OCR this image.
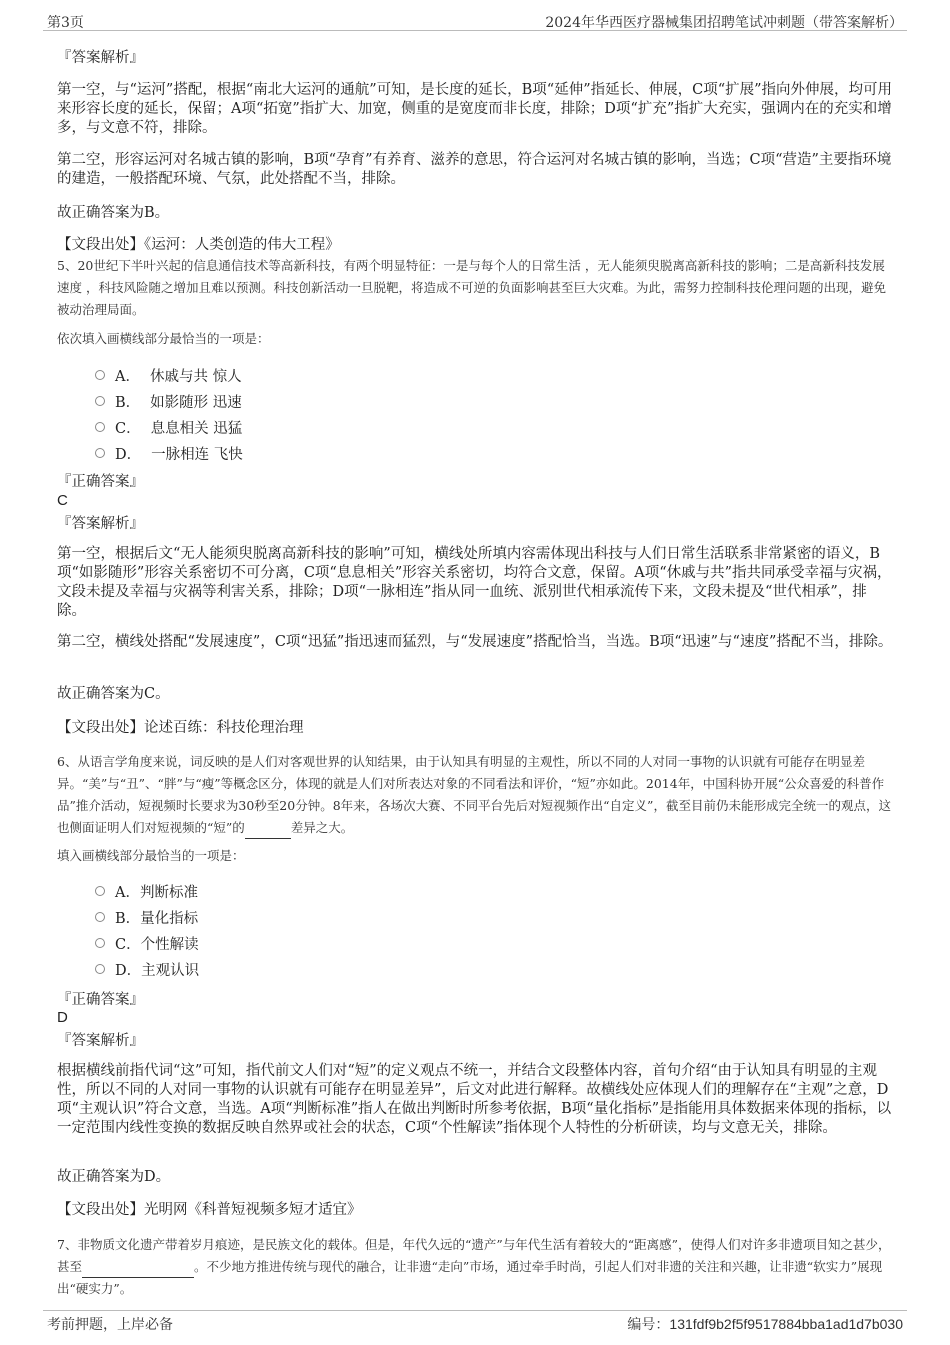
第3页	2024年华西医疗器械集团招聘笔试冲刺题（带答案解析）
『答案解析』

第一空，与“运河”搭配，根据“南北大运河的通航”可知，是长度的延长，B项“延伸”指延长、伸展，C项“扩展”指向外伸展，均可用来形容长度的延长，保留；A项“拓宽”指扩大、加宽，侧重的是宽度而非长度，排除；D项“扩充”指扩大充实，强调内在的充实和增多，与文意不符，排除。

第二空，形容运河对名城古镇的影响，B项“孕育”有养育、滋养的意思，符合运河对名城古镇的影响，当选；C项“营造”主要指环境的建造，一般搭配环境、气氛，此处搭配不当，排除。

故正确答案为B。

【文段出处】《运河：人类创造的伟大工程》

5、20世纪下半叶兴起的信息通信技术等高新科技，有两个明显特征：一是与每个人的日常生活 ，无人能须臾脱离高新科技的影响；二是高新科技发展速度 ，科技风险随之增加且难以预测。科技创新活动一旦脱靶，将造成不可逆的负面影响甚至巨大灾难。为此，需努力控制科技伦理问题的出现，避免被动治理局面。

依次填入画横线部分最恰当的一项是：

A． 休戚与共 惊人
B． 如影随形 迅速
C． 息息相关 迅猛
D． 一脉相连 飞快
『正确答案』
C
『答案解析』

第一空，根据后文“无人能须臾脱离高新科技的影响”可知，横线处所填内容需体现出科技与人们日常生活联系非常紧密的语义，B项“如影随形”形容关系密切不可分离，C项“息息相关”形容关系密切，均符合文意，保留。A项“休戚与共”指共同承受幸福与灾祸，文段未提及幸福与灾祸等利害关系，排除；D项“一脉相连”指从同一血统、派别世代相承流传下来，文段未提及“世代相承”，排除。

第二空，横线处搭配“发展速度”，C项“迅猛”指迅速而猛烈，与“发展速度”搭配恰当，当选。B项“迅速”与“速度”搭配不当，排除。

故正确答案为C。

【文段出处】论述百练：科技伦理治理

6、从语言学角度来说，词反映的是人们对客观世界的认知结果，由于认知具有明显的主观性，所以不同的人对同一事物的认识就有可能存在明显差异。“美”与“丑”、“胖”与“瘦”等概念区分，体现的就是人们对所表达对象的不同看法和评价，“短”亦如此。2014年，中国科协开展“公众喜爱的科普作品”推介活动，短视频时长要求为30秒至20分钟。8年来，各场次大赛、不同平台先后对短视频作出“自定义”，截至目前仍未能形成完全统一的观点，这也侧面证明人们对短视频的“短”的	差异之大。

填入画横线部分最恰当的一项是：

A． 判断标准
B． 量化指标
C． 个性解读
D． 主观认识
『正确答案』
D
『答案解析』

根据横线前指代词“这”可知，指代前文人们对“短”的定义观点不统一，并结合文段整体内容，首句介绍“由于认知具有明显的主观性，所以不同的人对同一事物的认识就有可能存在明显差异”，后文对此进行解释。故横线处应体现人们的理解存在“主观”之意，D项“主观认识”符合文意，当选。A项“判断标准”指人在做出判断时所参考依据，B项“量化指标”是指能用具体数据来体现的指标，以一定范围内线性变换的数据反映自然界或社会的状态，C项“个性解读”指体现个人特性的分析研读，均与文意无关，排除。

故正确答案为D。

【文段出处】光明网《科普短视频多短才适宜》

7、非物质文化遗产带着岁月痕迹，是民族文化的载体。但是，年代久远的“遗产”与年代生活有着较大的“距离感”，使得人们对许多非遗项目知之甚少，甚至	。不少地方推进传统与现代的融合，让非遗“走向”市场，通过牵手时尚，引起人们对非遗的关注和兴趣，让非遗“软实力”展现出“硬实力”。

考前押题，上岸必备	编号：131fdf9b2f5f9517884bba1ad1d7b030
